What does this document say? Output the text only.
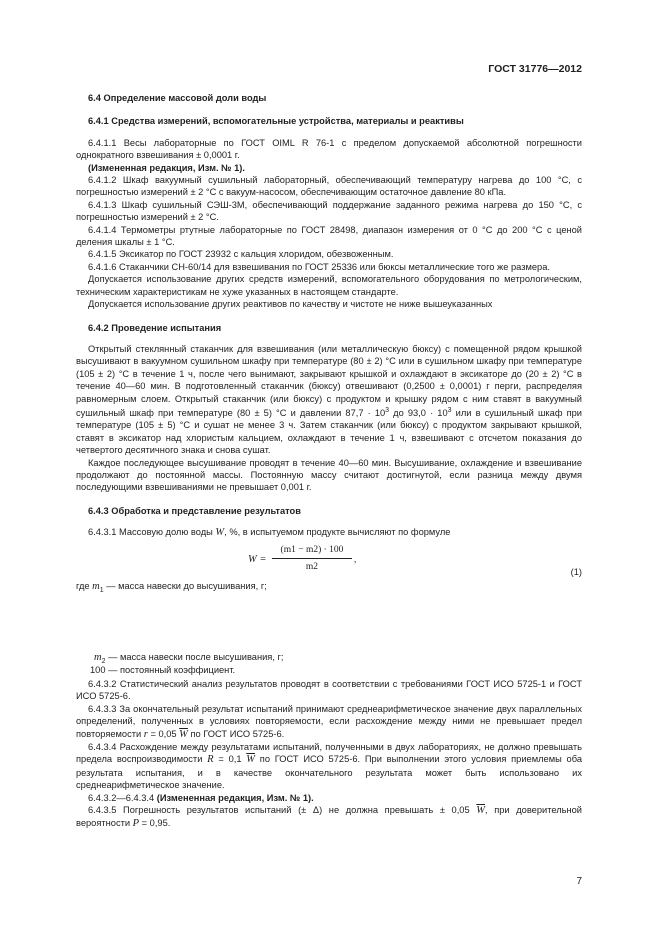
ГОСТ 31776—2012

6.4 Определение массовой доли воды

6.4.1 Средства измерений, вспомогательные устройства, материалы и реактивы

6.4.1.1 Весы лабораторные по ГОСТ OIML R 76-1 с пределом допускаемой абсолютной погрешности однократного взвешивания ± 0,0001 г.

(Измененная редакция, Изм. № 1).

6.4.1.2 Шкаф вакуумный сушильный лабораторный, обеспечивающий температуру нагрева до 100 °С, с погрешностью измерений ± 2 °С с вакуум-насосом, обеспечивающим остаточное давление 80 кПа.

6.4.1.3 Шкаф сушильный СЭШ-3М, обеспечивающий поддержание заданного режима нагрева до 150 °С, с погрешностью измерений ± 2 °С.

6.4.1.4 Термометры ртутные лабораторные по ГОСТ 28498, диапазон измерения от 0 °С до 200 °С с ценой деления шкалы ± 1 °С.

6.4.1.5 Эксикатор по ГОСТ 23932 с кальция хлоридом, обезвоженным.

6.4.1.6 Стаканчики СН-60/14 для взвешивания по ГОСТ 25336 или бюксы металлические того же размера.

Допускается использование других средств измерений, вспомогательного оборудования по метрологическим, техническим характеристикам не хуже указанных в настоящем стандарте.

Допускается использование других реактивов по качеству и чистоте не ниже вышеуказанных

6.4.2 Проведение испытания

Открытый стеклянный стаканчик для взвешивания (или металлическую бюксу) с помещенной рядом крышкой высушивают в вакуумном сушильном шкафу при температуре (80 ± 2) °С или в сушильном шкафу при температуре (105 ± 2) °С в течение 1 ч, после чего вынимают, закрывают крышкой и охлаждают в эксикаторе до (20 ± 2) °С в течение 40—60 мин. В подготовленный стаканчик (бюксу) отвешивают (0,2500 ± 0,0001) г перги, распределяя равномерным слоем. Открытый стаканчик (или бюксу) с продуктом и крышку рядом с ним ставят в вакуумный сушильный шкаф при температуре (80 ± 5) °С и давлении $87,7 \cdot 10^3$ до $93,0 \cdot 10^3$ или в сушильный шкаф при температуре (105 ± 5) °С и сушат не менее 3 ч. Затем стаканчик (или бюксу) с продуктом закрывают крышкой, ставят в эксикатор над хлористым кальцием, охлаждают в течение 1 ч, взвешивают с отсчетом показания до четвертого десятичного знака и снова сушат.

Каждое последующее высушивание проводят в течение 40—60 мин. Высушивание, охлаждение и взвешивание продолжают до постоянной массы. Постоянную массу считают достигнутой, если разница между двумя последующими взвешиваниями не превышает 0,001 г.

6.4.3 Обработка и представление результатов

6.4.3.1 Массовую долю воды W, %, в испытуемом продукте вычисляют по формуле

$W = \frac{(m1 - m2) \cdot 100}{m2}$ ,
(1)

где $m_1$ — масса навески до высушивания, г;

$m_2$ — масса навески после высушивания, г;
100 — постоянный коэффициент.

6.4.3.2 Статистический анализ результатов проводят в соответствии с требованиями ГОСТ ИСО 5725-1 и ГОСТ ИСО 5725-6.

6.4.3.3 За окончательный результат испытаний принимают среднеарифметическое значение двух параллельных определений, полученных в условиях повторяемости, если расхождение между ними не превышает предел повторяемости r = 0,05 $\overline{W}$ по ГОСТ ИСО 5725-6.

6.4.3.4 Расхождение между результатами испытаний, полученными в двух лабораториях, не должно превышать предела воспроизводимости R = 0,1 $\overline{W}$ по ГОСТ ИСО 5725-6. При выполнении этого условия приемлемы оба результата испытания, и в качестве окончательного результата может быть использовано их среднеарифметическое значение.

6.4.3.2—6.4.3.4 (Измененная редакция, Изм. № 1).

6.4.3.5 Погрешность результатов испытаний (± Δ) не должна превышать ± 0,05 $\overline{W}$, при доверительной вероятности P = 0,95.

7
